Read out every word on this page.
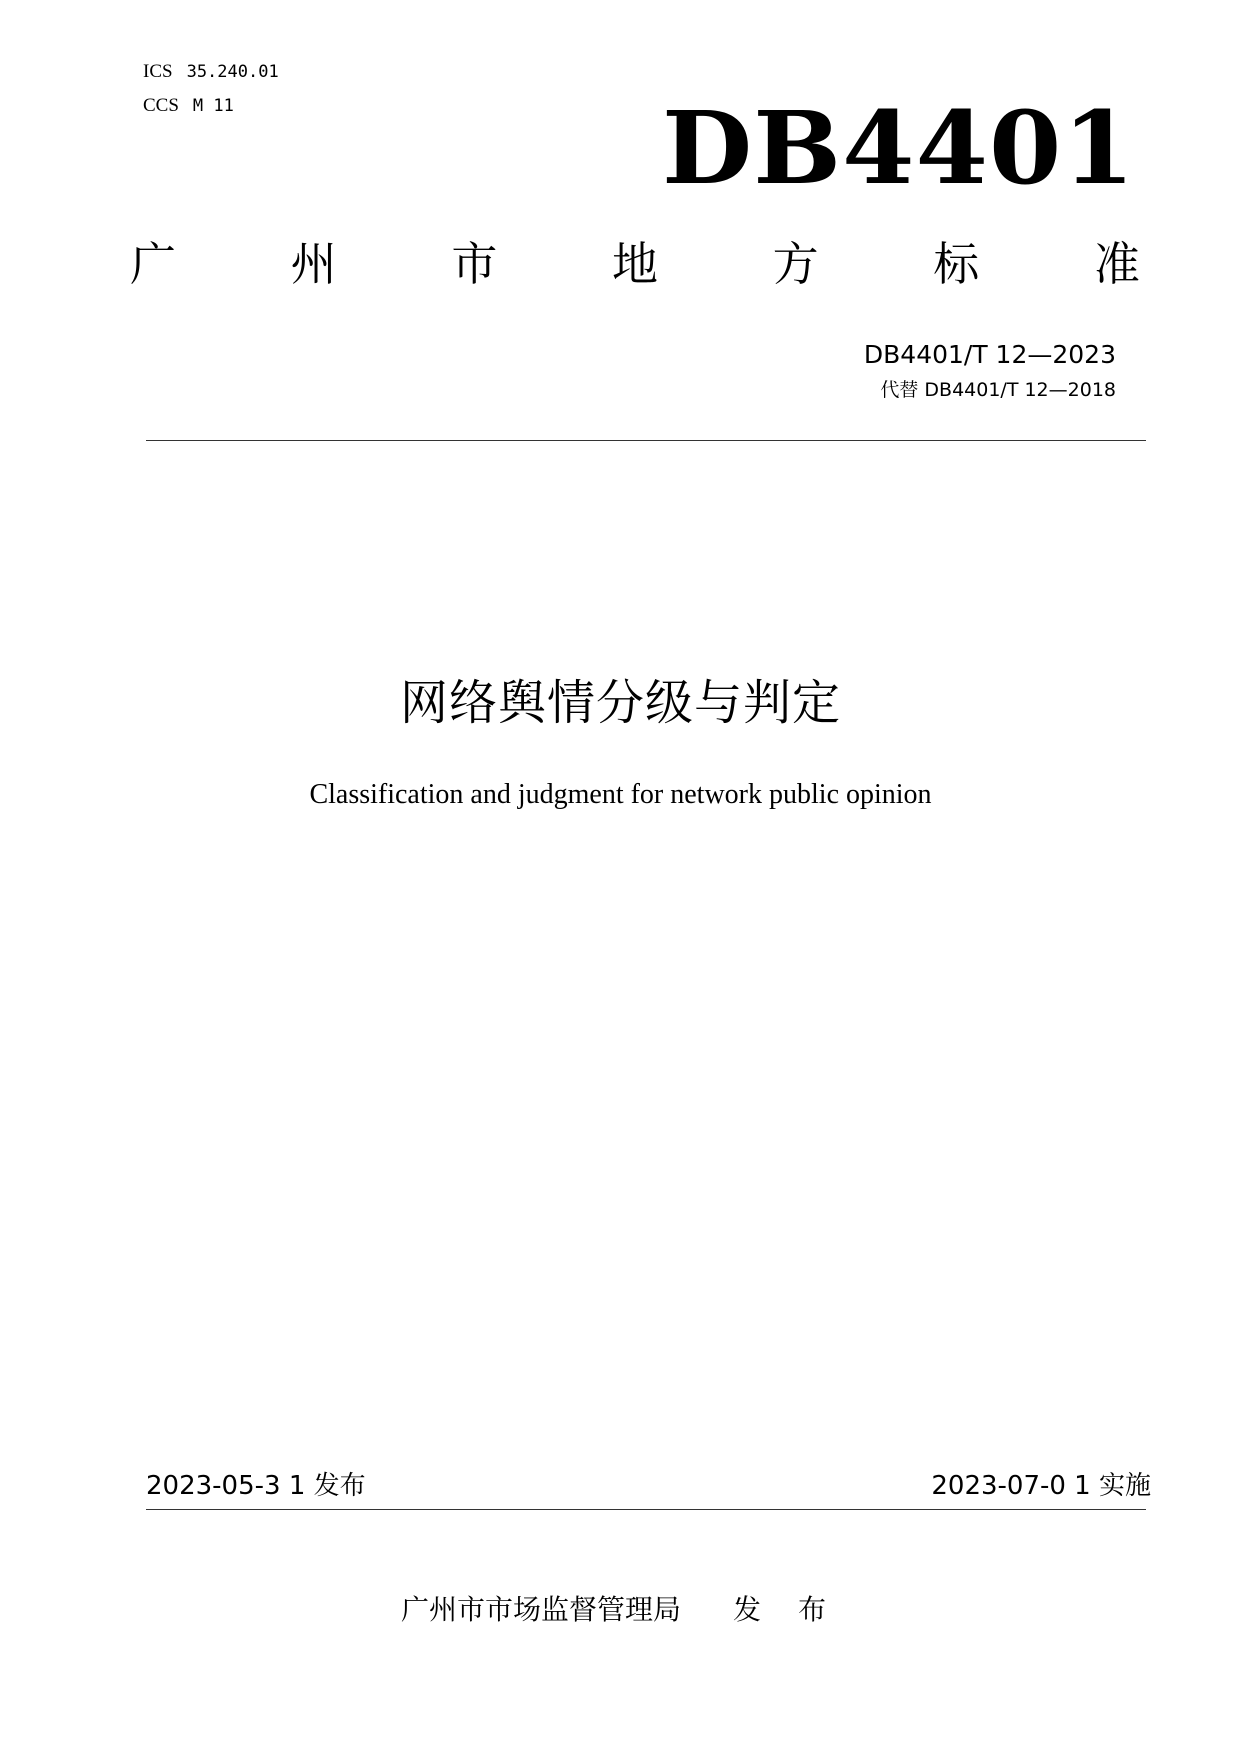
ICS 35.240.01
CCS M 11	DB4401
广 州 市 地 方 标 准
DB4401/T 12—2023
代替 DB4401/T 12—2018
网络舆情分级与判定
Classification and judgment for network public opinion
2023-05-3 1 发布	2023-07-0 1 实施
广州市市场监督管理局 发 布
